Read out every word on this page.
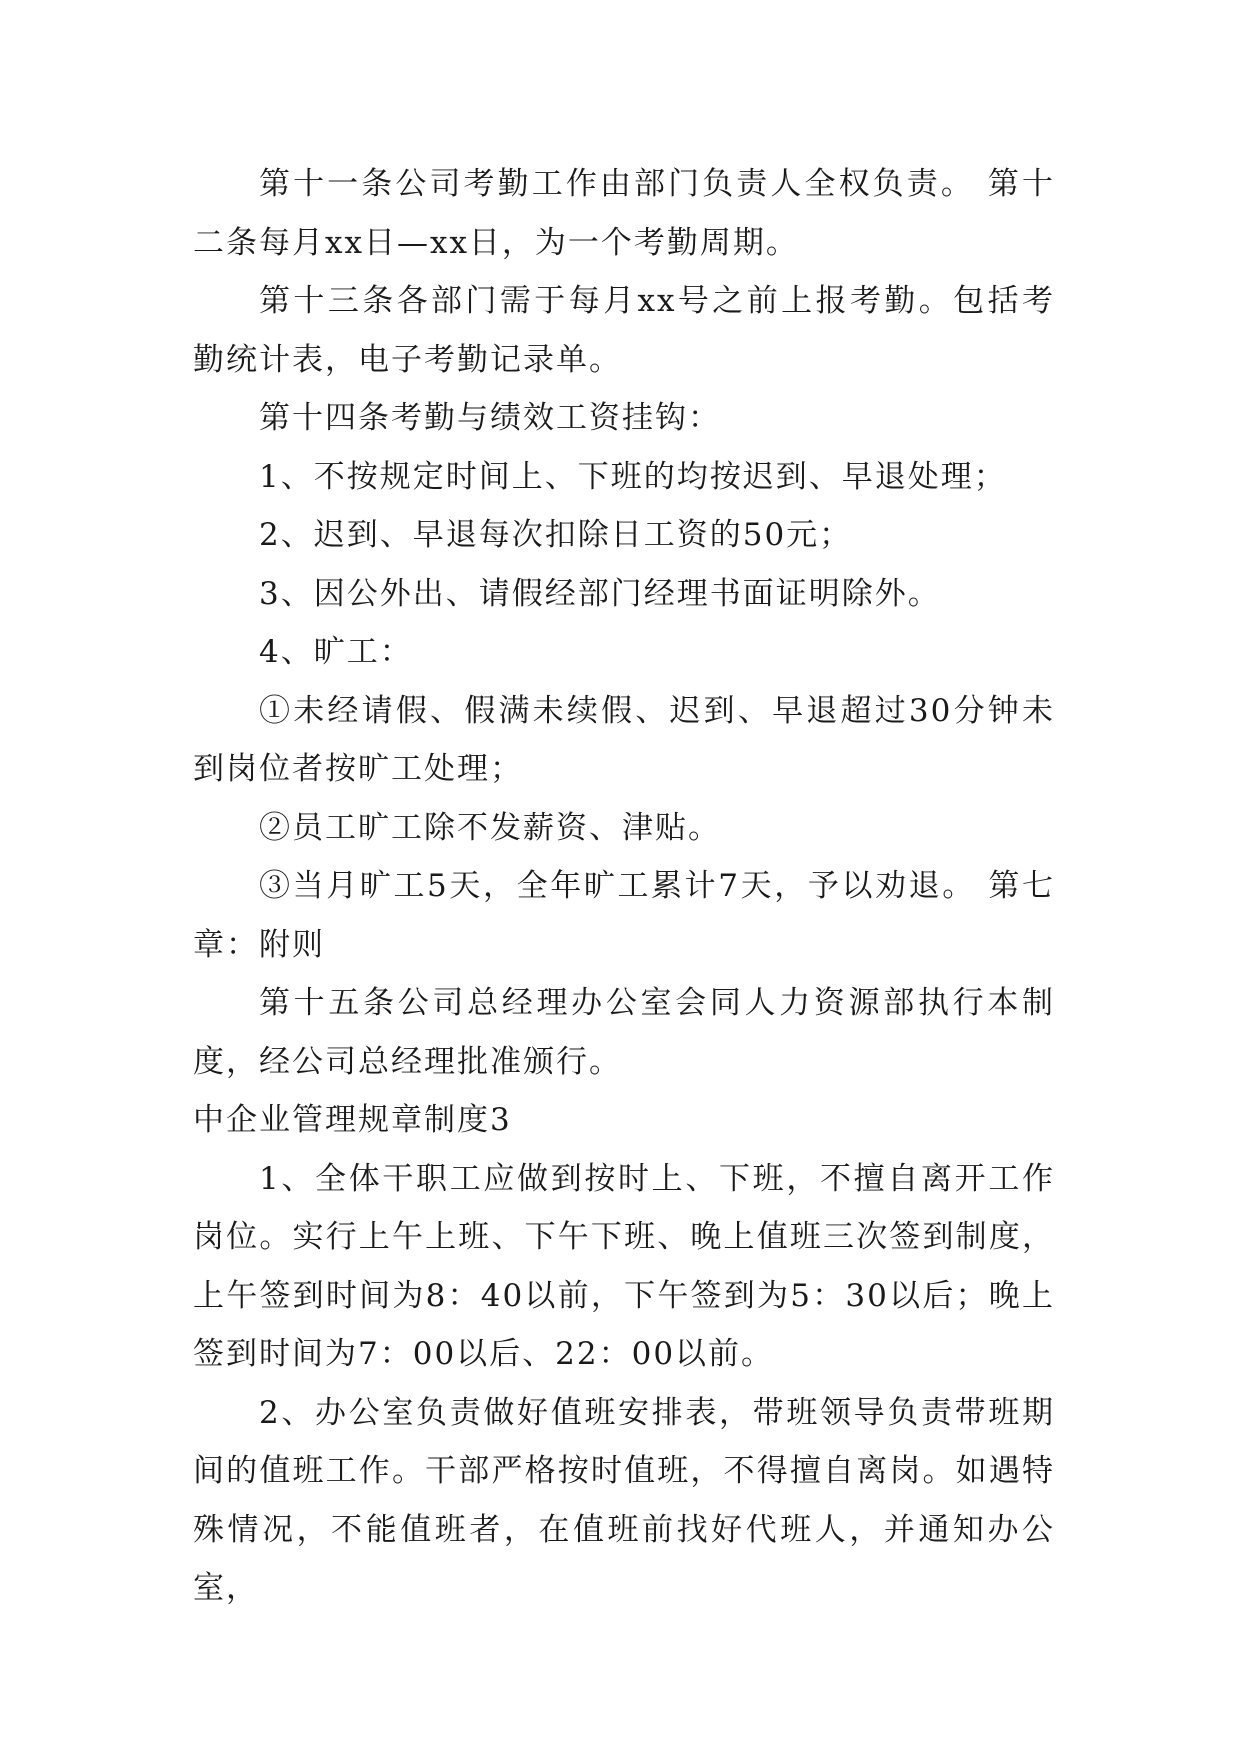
第十一条公司考勤工作由部门负责人全权负责。 第十二条每月xx日—xx日，为一个考勤周期。

第十三条各部门需于每月xx号之前上报考勤。包括考勤统计表，电子考勤记录单。

第十四条考勤与绩效工资挂钩：

1、不按规定时间上、下班的均按迟到、早退处理；

2、迟到、早退每次扣除日工资的50元；

3、因公外出、请假经部门经理书面证明除外。

4、旷工：

①未经请假、假满未续假、迟到、早退超过30分钟未到岗位者按旷工处理；

②员工旷工除不发薪资、津贴。

③当月旷工5天，全年旷工累计7天，予以劝退。 第七章：附则

第十五条公司总经理办公室会同人力资源部执行本制度，经公司总经理批准颁行。

中企业管理规章制度3

1、全体干职工应做到按时上、下班，不擅自离开工作岗位。实行上午上班、下午下班、晚上值班三次签到制度，上午签到时间为8：40以前，下午签到为5：30以后；晚上签到时间为7：00以后、22：00以前。

2、办公室负责做好值班安排表，带班领导负责带班期间的值班工作。干部严格按时值班，不得擅自离岗。如遇特殊情况，不能值班者，在值班前找好代班人，并通知办公室，
